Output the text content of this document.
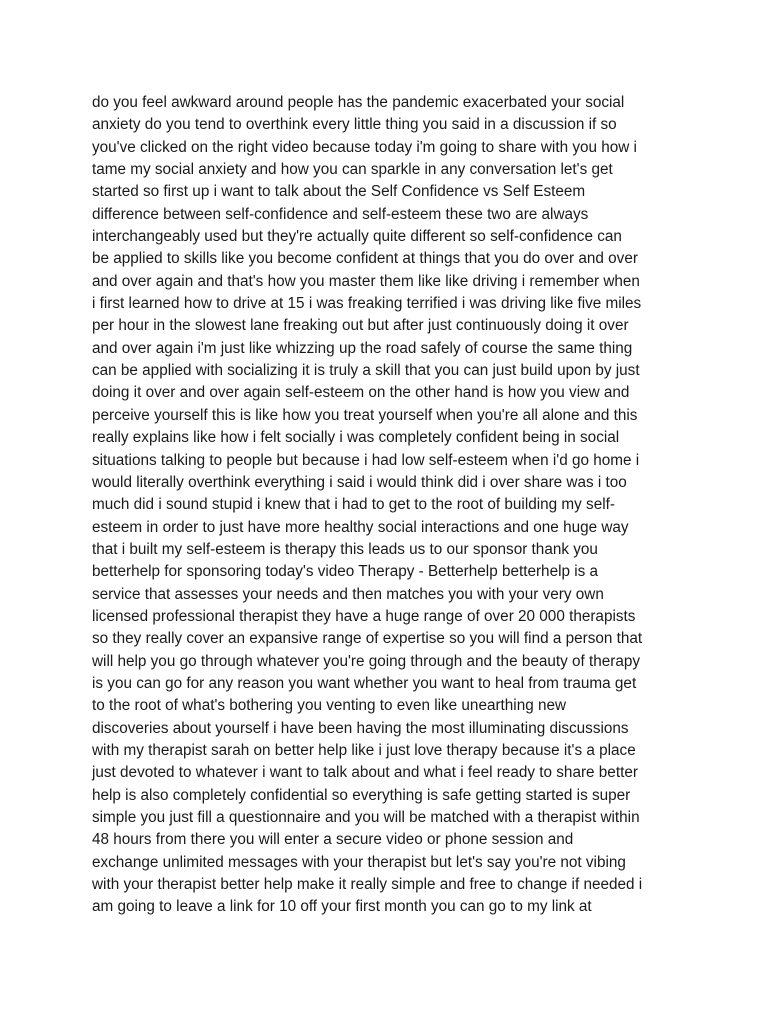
do you feel awkward around people has the pandemic exacerbated your social
anxiety do you tend to overthink every little thing you said in a discussion if so
you've clicked on the right video because today i'm going to share with you how i
tame my social anxiety and how you can sparkle in any conversation let's get
started so first up i want to talk about the Self Confidence vs Self Esteem
difference between self-confidence and self-esteem these two are always
interchangeably used but they're actually quite different so self-confidence can
be applied to skills like you become confident at things that you do over and over
and over again and that's how you master them like like driving i remember when
i first learned how to drive at 15 i was freaking terrified i was driving like five miles
per hour in the slowest lane freaking out but after just continuously doing it over
and over again i'm just like whizzing up the road safely of course the same thing
can be applied with socializing it is truly a skill that you can just build upon by just
doing it over and over again self-esteem on the other hand is how you view and
perceive yourself this is like how you treat yourself when you're all alone and this
really explains like how i felt socially i was completely confident being in social
situations talking to people but because i had low self-esteem when i'd go home i
would literally overthink everything i said i would think did i over share was i too
much did i sound stupid i knew that i had to get to the root of building my self-
esteem in order to just have more healthy social interactions and one huge way
that i built my self-esteem is therapy this leads us to our sponsor thank you
betterhelp for sponsoring today's video Therapy - Betterhelp betterhelp is a
service that assesses your needs and then matches you with your very own
licensed professional therapist they have a huge range of over 20 000 therapists
so they really cover an expansive range of expertise so you will find a person that
will help you go through whatever you're going through and the beauty of therapy
is you can go for any reason you want whether you want to heal from trauma get
to the root of what's bothering you venting to even like unearthing new
discoveries about yourself i have been having the most illuminating discussions
with my therapist sarah on better help like i just love therapy because it's a place
just devoted to whatever i want to talk about and what i feel ready to share better
help is also completely confidential so everything is safe getting started is super
simple you just fill a questionnaire and you will be matched with a therapist within
48 hours from there you will enter a secure video or phone session and
exchange unlimited messages with your therapist but let's say you're not vibing
with your therapist better help make it really simple and free to change if needed i
am going to leave a link for 10 off your first month you can go to my link at
